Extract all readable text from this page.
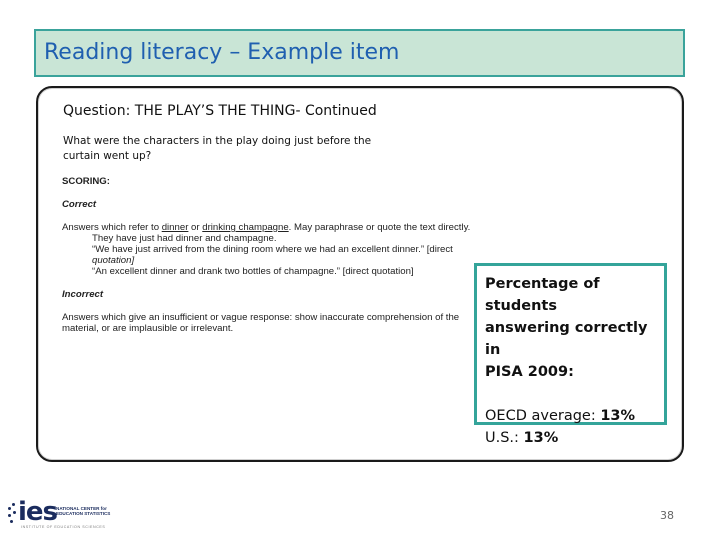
Reading literacy – Example item
Question: THE PLAY’S THE THING- Continued
What were the characters in the play doing just before the
curtain went up?
SCORING:
Correct
Answers which refer to dinner or drinking champagne. May paraphrase or quote the text directly.
They have just had dinner and champagne.
“We have just arrived from the dining room where we had an excellent dinner.” [direct
quotation]
“An excellent dinner and drank two bottles of champagne.” [direct quotation]
Incorrect
Answers which give an insufficient or vague response: show inaccurate comprehension of the
material, or are implausible or irrelevant.
Percentage of students
answering correctly in
PISA 2009:
OECD average: 13%
U.S.: 13%
ies
NATIONAL CENTER for
EDUCATION STATISTICS
INSTITUTE OF EDUCATION SCIENCES
38
